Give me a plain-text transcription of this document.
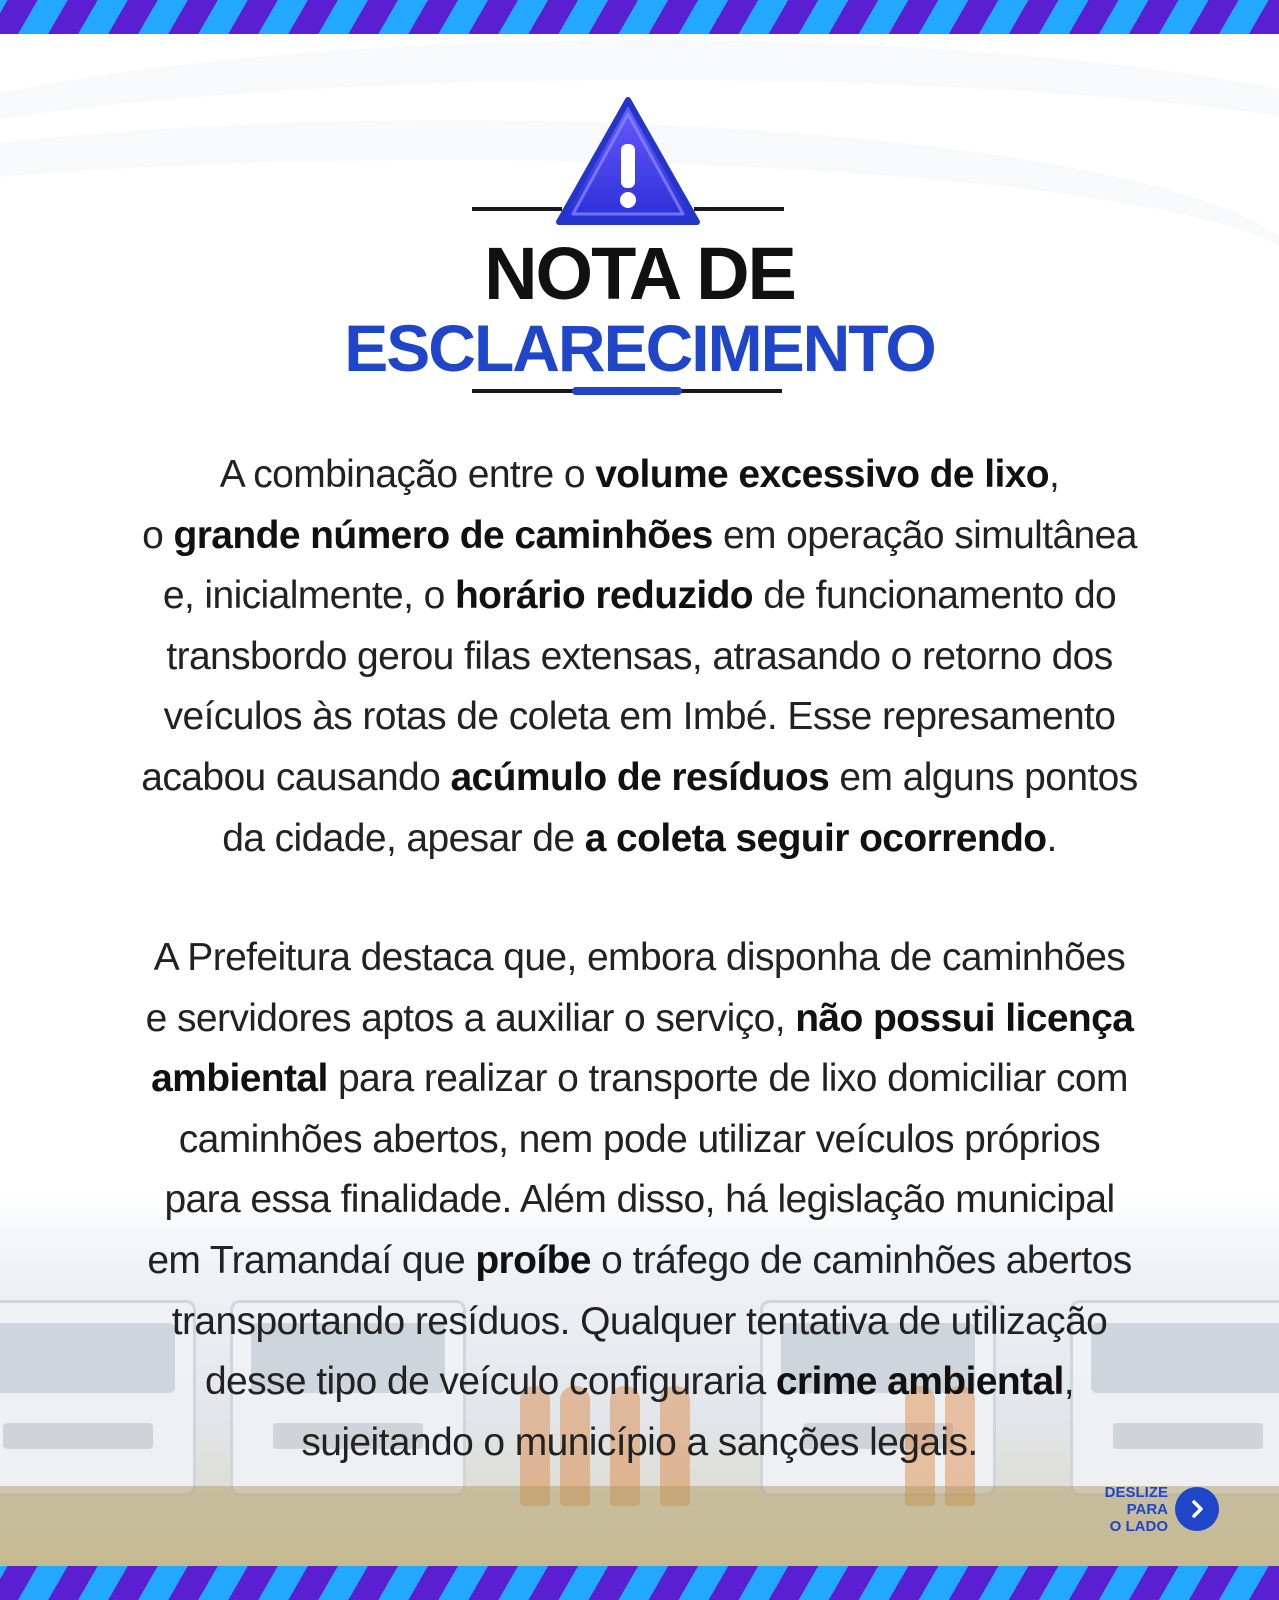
NOTA DE
ESCLARECIMENTO
A combinação entre o volume excessivo de lixo,
o grande número de caminhões em operação simultânea
e, inicialmente, o horário reduzido de funcionamento do
transbordo gerou filas extensas, atrasando o retorno dos
veículos às rotas de coleta em Imbé. Esse represamento
acabou causando acúmulo de resíduos em alguns pontos
da cidade, apesar de a coleta seguir ocorrendo.
A Prefeitura destaca que, embora disponha de caminhões
e servidores aptos a auxiliar o serviço, não possui licença
ambiental para realizar o transporte de lixo domiciliar com
caminhões abertos, nem pode utilizar veículos próprios
para essa finalidade. Além disso, há legislação municipal
em Tramandaí que proíbe o tráfego de caminhões abertos
transportando resíduos. Qualquer tentativa de utilização
desse tipo de veículo configuraria crime ambiental,
sujeitando o município a sanções legais.
DESLIZE
PARA
O LADO
